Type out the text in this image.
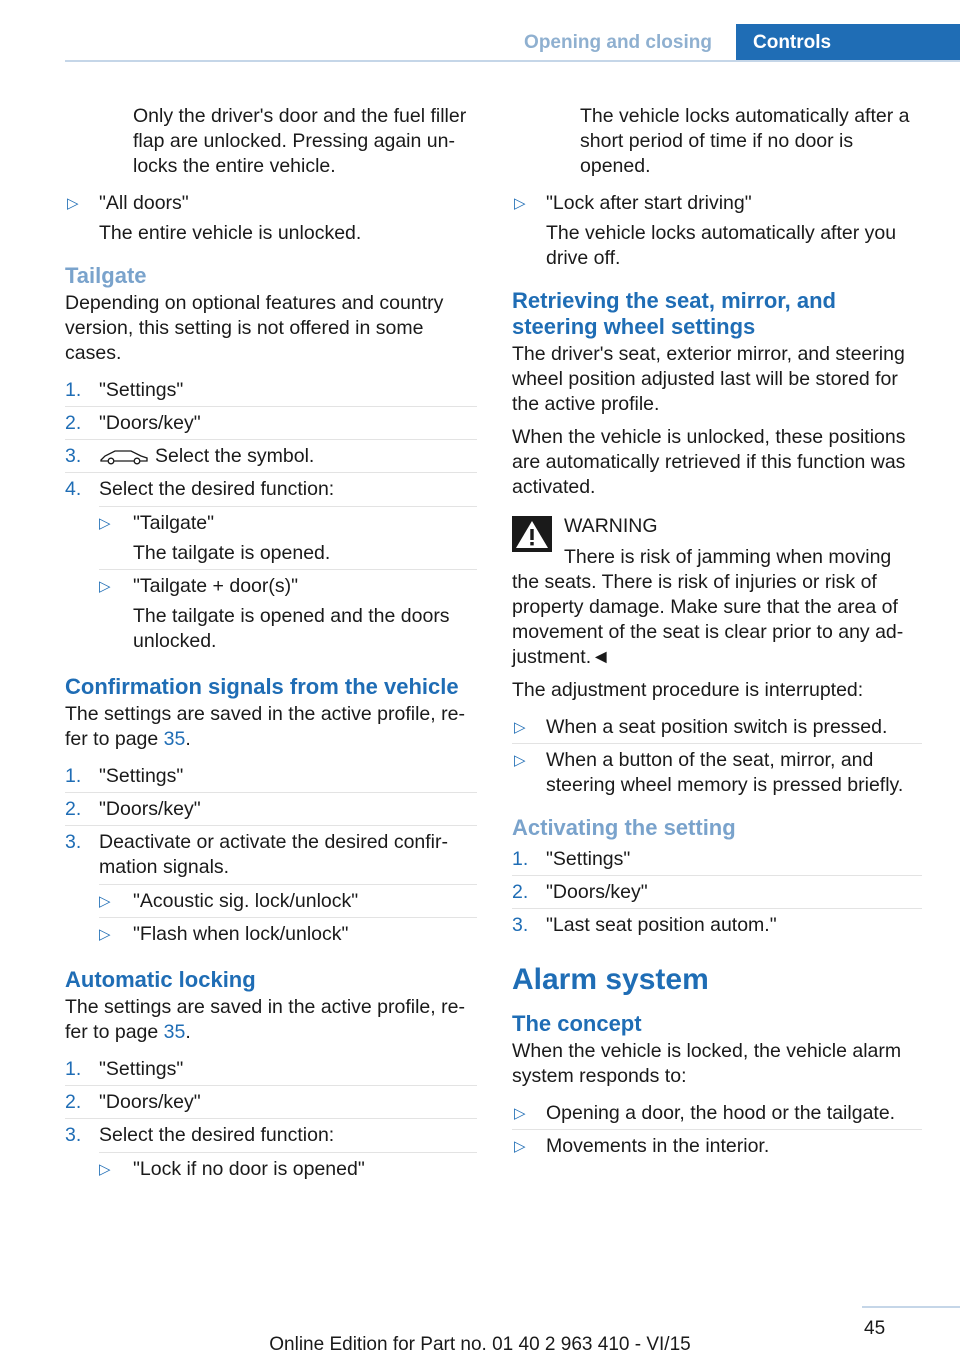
Opening and closing	Controls

Only the driver's door and the fuel filler flap are unlocked. Pressing again un-locks the entire vehicle.

▷ "All doors"
The entire vehicle is unlocked.
Tailgate

Depending on optional features and country version, this setting is not offered in some cases.

1. "Settings"
2. "Doors/key"
3.	Select the symbol.
4. Select the desired function:
▷ "Tailgate"
The tailgate is opened.
▷ "Tailgate + door(s)"
The tailgate is opened and the doors unlocked.
Confirmation signals from the vehicle

The settings are saved in the active profile, re-fer to page 35.

1. "Settings"
2. "Doors/key"
3. Deactivate or activate the desired confir-mation signals.
▷ "Acoustic sig. lock/unlock"
▷ "Flash when lock/unlock"
Automatic locking

The settings are saved in the active profile, re-fer to page 35.

1. "Settings"
2. "Doors/key"
3. Select the desired function:
▷ "Lock if no door is opened"

The vehicle locks automatically after a short period of time if no door is opened.

▷ "Lock after start driving"
The vehicle locks automatically after you drive off.
Retrieving the seat, mirror, and steering wheel settings

The driver's seat, exterior mirror, and steering wheel position adjusted last will be stored for the active profile.

When the vehicle is unlocked, these positions are automatically retrieved if this function was activated.

WARNING

There is risk of jamming when moving the seats. There is risk of injuries or risk of property damage. Make sure that the area of movement of the seat is clear prior to any ad-justment.◄

The adjustment procedure is interrupted:

▷ When a seat position switch is pressed.
▷ When a button of the seat, mirror, and steering wheel memory is pressed briefly.
Activating the setting
1. "Settings"
2. "Doors/key"
3. "Last seat position autom."
Alarm system
The concept

When the vehicle is locked, the vehicle alarm system responds to:

▷ Opening a door, the hood or the tailgate.
▷ Movements in the interior.
45
Online Edition for Part no. 01 40 2 963 410 - VI/15
